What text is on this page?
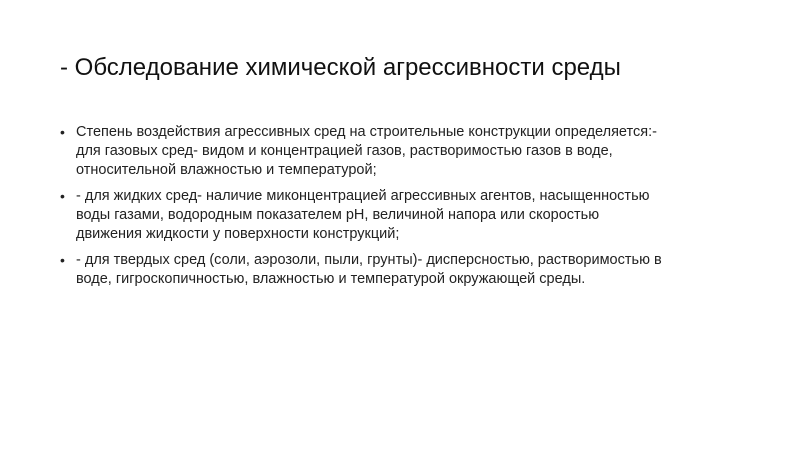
- Обследование химической агрессивности среды
• Степень воздействия агрессивных сред на строительные конструкции определяется:-
для газовых сред- видом и концентрацией газов, растворимостью газов в воде,
относительной влажностью и температурой;
• - для жидких сред- наличие миконцентрацией агрессивных агентов, насыщенностью
воды газами, водородным показателем pH, величиной напора или скоростью
движения жидкости у поверхности конструкций;
• - для твердых сред (соли, аэрозоли, пыли, грунты)- дисперсностью, растворимостью в
воде, гигроскопичностью, влажностью и температурой окружающей среды.
